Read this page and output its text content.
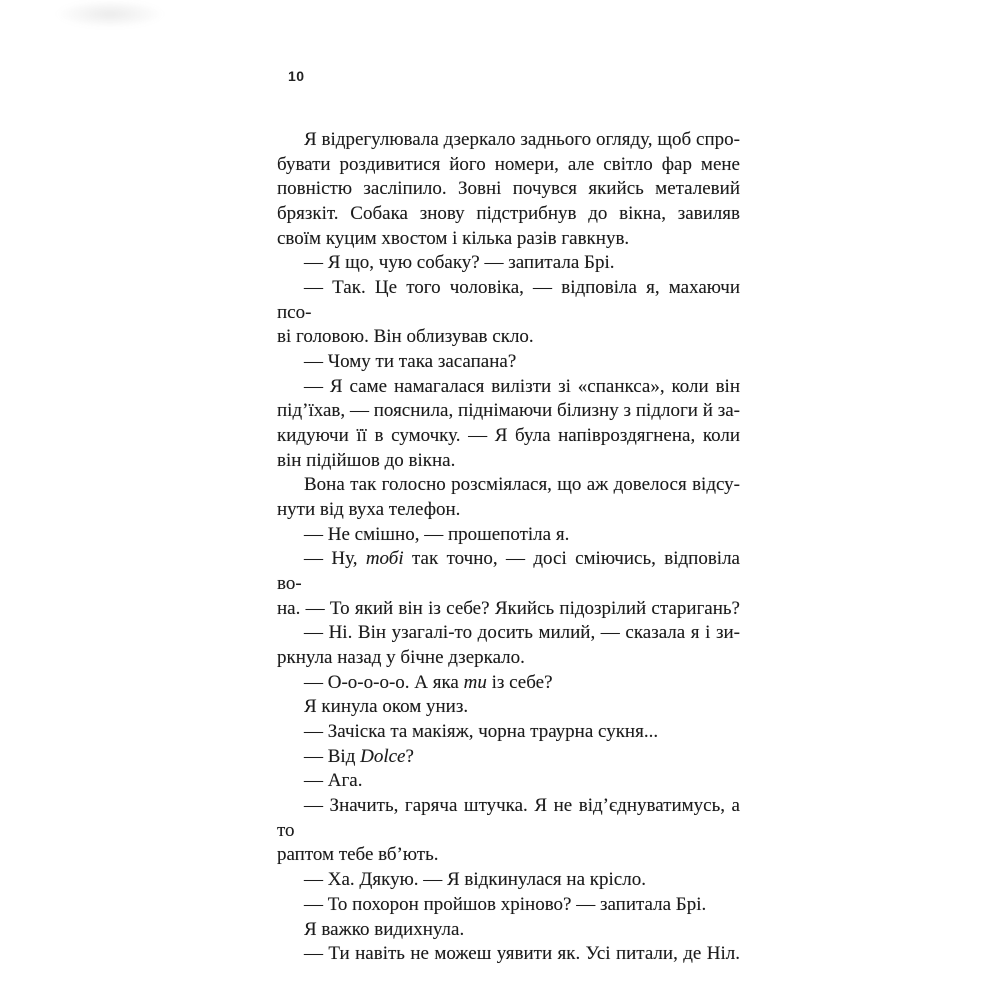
10
Я відрегулювала дзеркало заднього огляду, щоб спро-
бувати роздивитися його номери, але світло фар мене
повністю засліпило. Зовні почувся якийсь металевий
брязкіт. Собака знову підстрибнув до вікна, завиляв
своїм куцим хвостом і кілька разів гавкнув.
— Я що, чую собаку? — запитала Брі.
— Так. Це того чоловіка, — відповіла я, махаючи псо-
ві головою. Він облизував скло.
— Чому ти така засапана?
— Я саме намагалася вилізти зі «спанкса», коли він
під’їхав, — пояснила, піднімаючи білизну з підлоги й за-
кидуючи її в сумочку. — Я була напівроздягнена, коли
він підійшов до вікна.
Вона так голосно розсміялася, що аж довелося відсу-
нути від вуха телефон.
— Не смішно, — прошепотіла я.
— Ну, тобі так точно, — досі сміючись, відповіла во-
на. — То який він із себе? Якийсь підозрілий старигань?
— Ні. Він узагалі-то досить милий, — сказала я і зи-
ркнула назад у бічне дзеркало.
— О-о-о-о-о. А яка ти із себе?
Я кинула оком униз.
— Зачіска та макіяж, чорна траурна сукня...
— Від Dolce?
— Ага.
— Значить, гаряча штучка. Я не від’єднуватимусь, а то
раптом тебе вб’ють.
— Ха. Дякую. — Я відкинулася на крісло.
— То похорон пройшов хріново? — запитала Брі.
Я важко видихнула.
— Ти навіть не можеш уявити як. Усі питали, де Ніл.
